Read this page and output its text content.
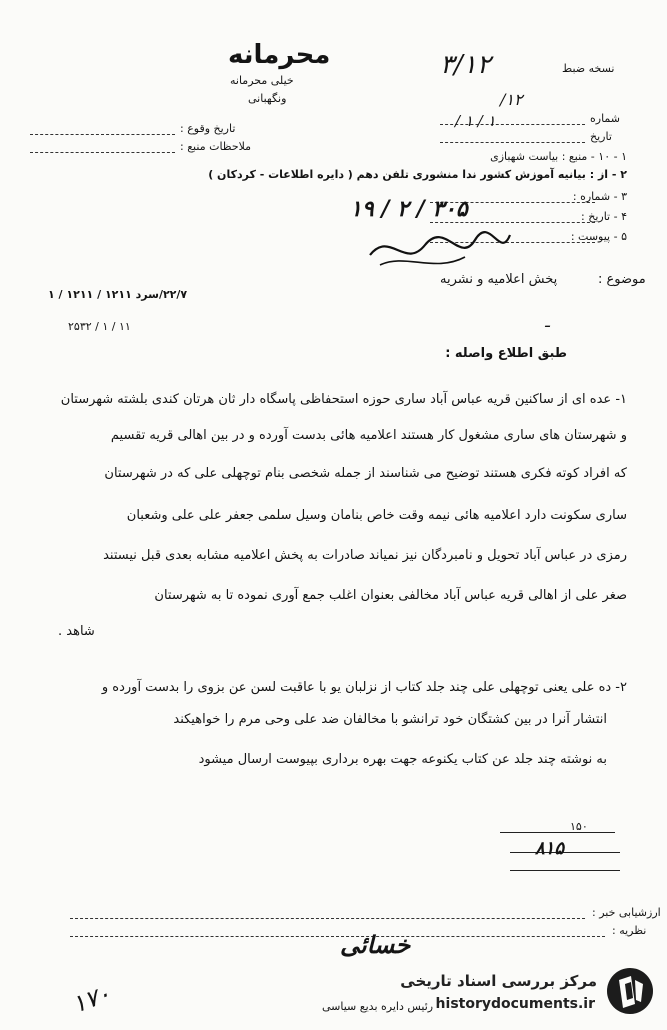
محرمانه
خیلی محرمانه
ونگهبانی
نسخه ضبط
۳/۱۲
شماره
۱۲/
تاریخ
۱ / ۱ /
۱ - ۱۰ - منبع : بیاست شهبازی
۲ - از : بیانیه آموزش کشور ندا منشوری تلفن دهم ( دایره اطلاعات - کردکان )
۳ - شماره :
۴ - تاریخ :
۵ - پیوست :
۳۰۵ / ۲ / ۱۹
تاریخ وقوع :
ملاحظات منبع :
موضوع :
پخش اعلامیه و نشریه
ـ
۲۲/۷/سرد ۱۲۱۱ / ۱۲۱۱ / ۱
۲۵۳۲ / ۱ / ۱۱
طبق اطلاع واصله :
۱- عده ای از ساکنین قریه عباس آباد ساری حوزه استحفاظی پاسگاه دار ثان هرتان کندی بلشته شهرستان
و شهرستان های ساری مشغول کار هستند اعلامیه هائی بدست آورده و در بین اهالی قریه تقسیم
که افراد کوته فکری هستند توضیح می شناسند از جمله شخصی بنام توچهلی علی که در شهرستان
ساری سکونت دارد اعلامیه هائی نیمه وقت خاص بنامان وسیل سلمی جعفر علی علی وشعبان
رمزی در عباس آباد تحویل و نامبردگان نیز نمیاند صادرات به پخش اعلامیه مشابه بعدی قبل نیستند
صغر علی از اهالی قریه عباس آباد مخالفی بعنوان اغلب جمع آوری نموده تا به شهرستان
شاهد .
۲- ده علی یعنی توچهلی علی چند جلد کتاب از نزلبان یو با عاقبت لسن عن بزوی را بدست آورده و
انتشار آنرا در بین کشتگان خود ترانشو با مخالفان ضد علی وحی مرم را خواهیکند
به نوشته چند جلد عن کتاب یکنوعه جهت بهره برداری بپیوست ارسال میشود
۱۵۰
۸۱۵
ارزشیابی خبر :
نظریه :
خسائی
رئیس دایره بدیع سیاسی
۱۷۰	مرکز بررسی اسناد تاریخی
historydocuments.ir
